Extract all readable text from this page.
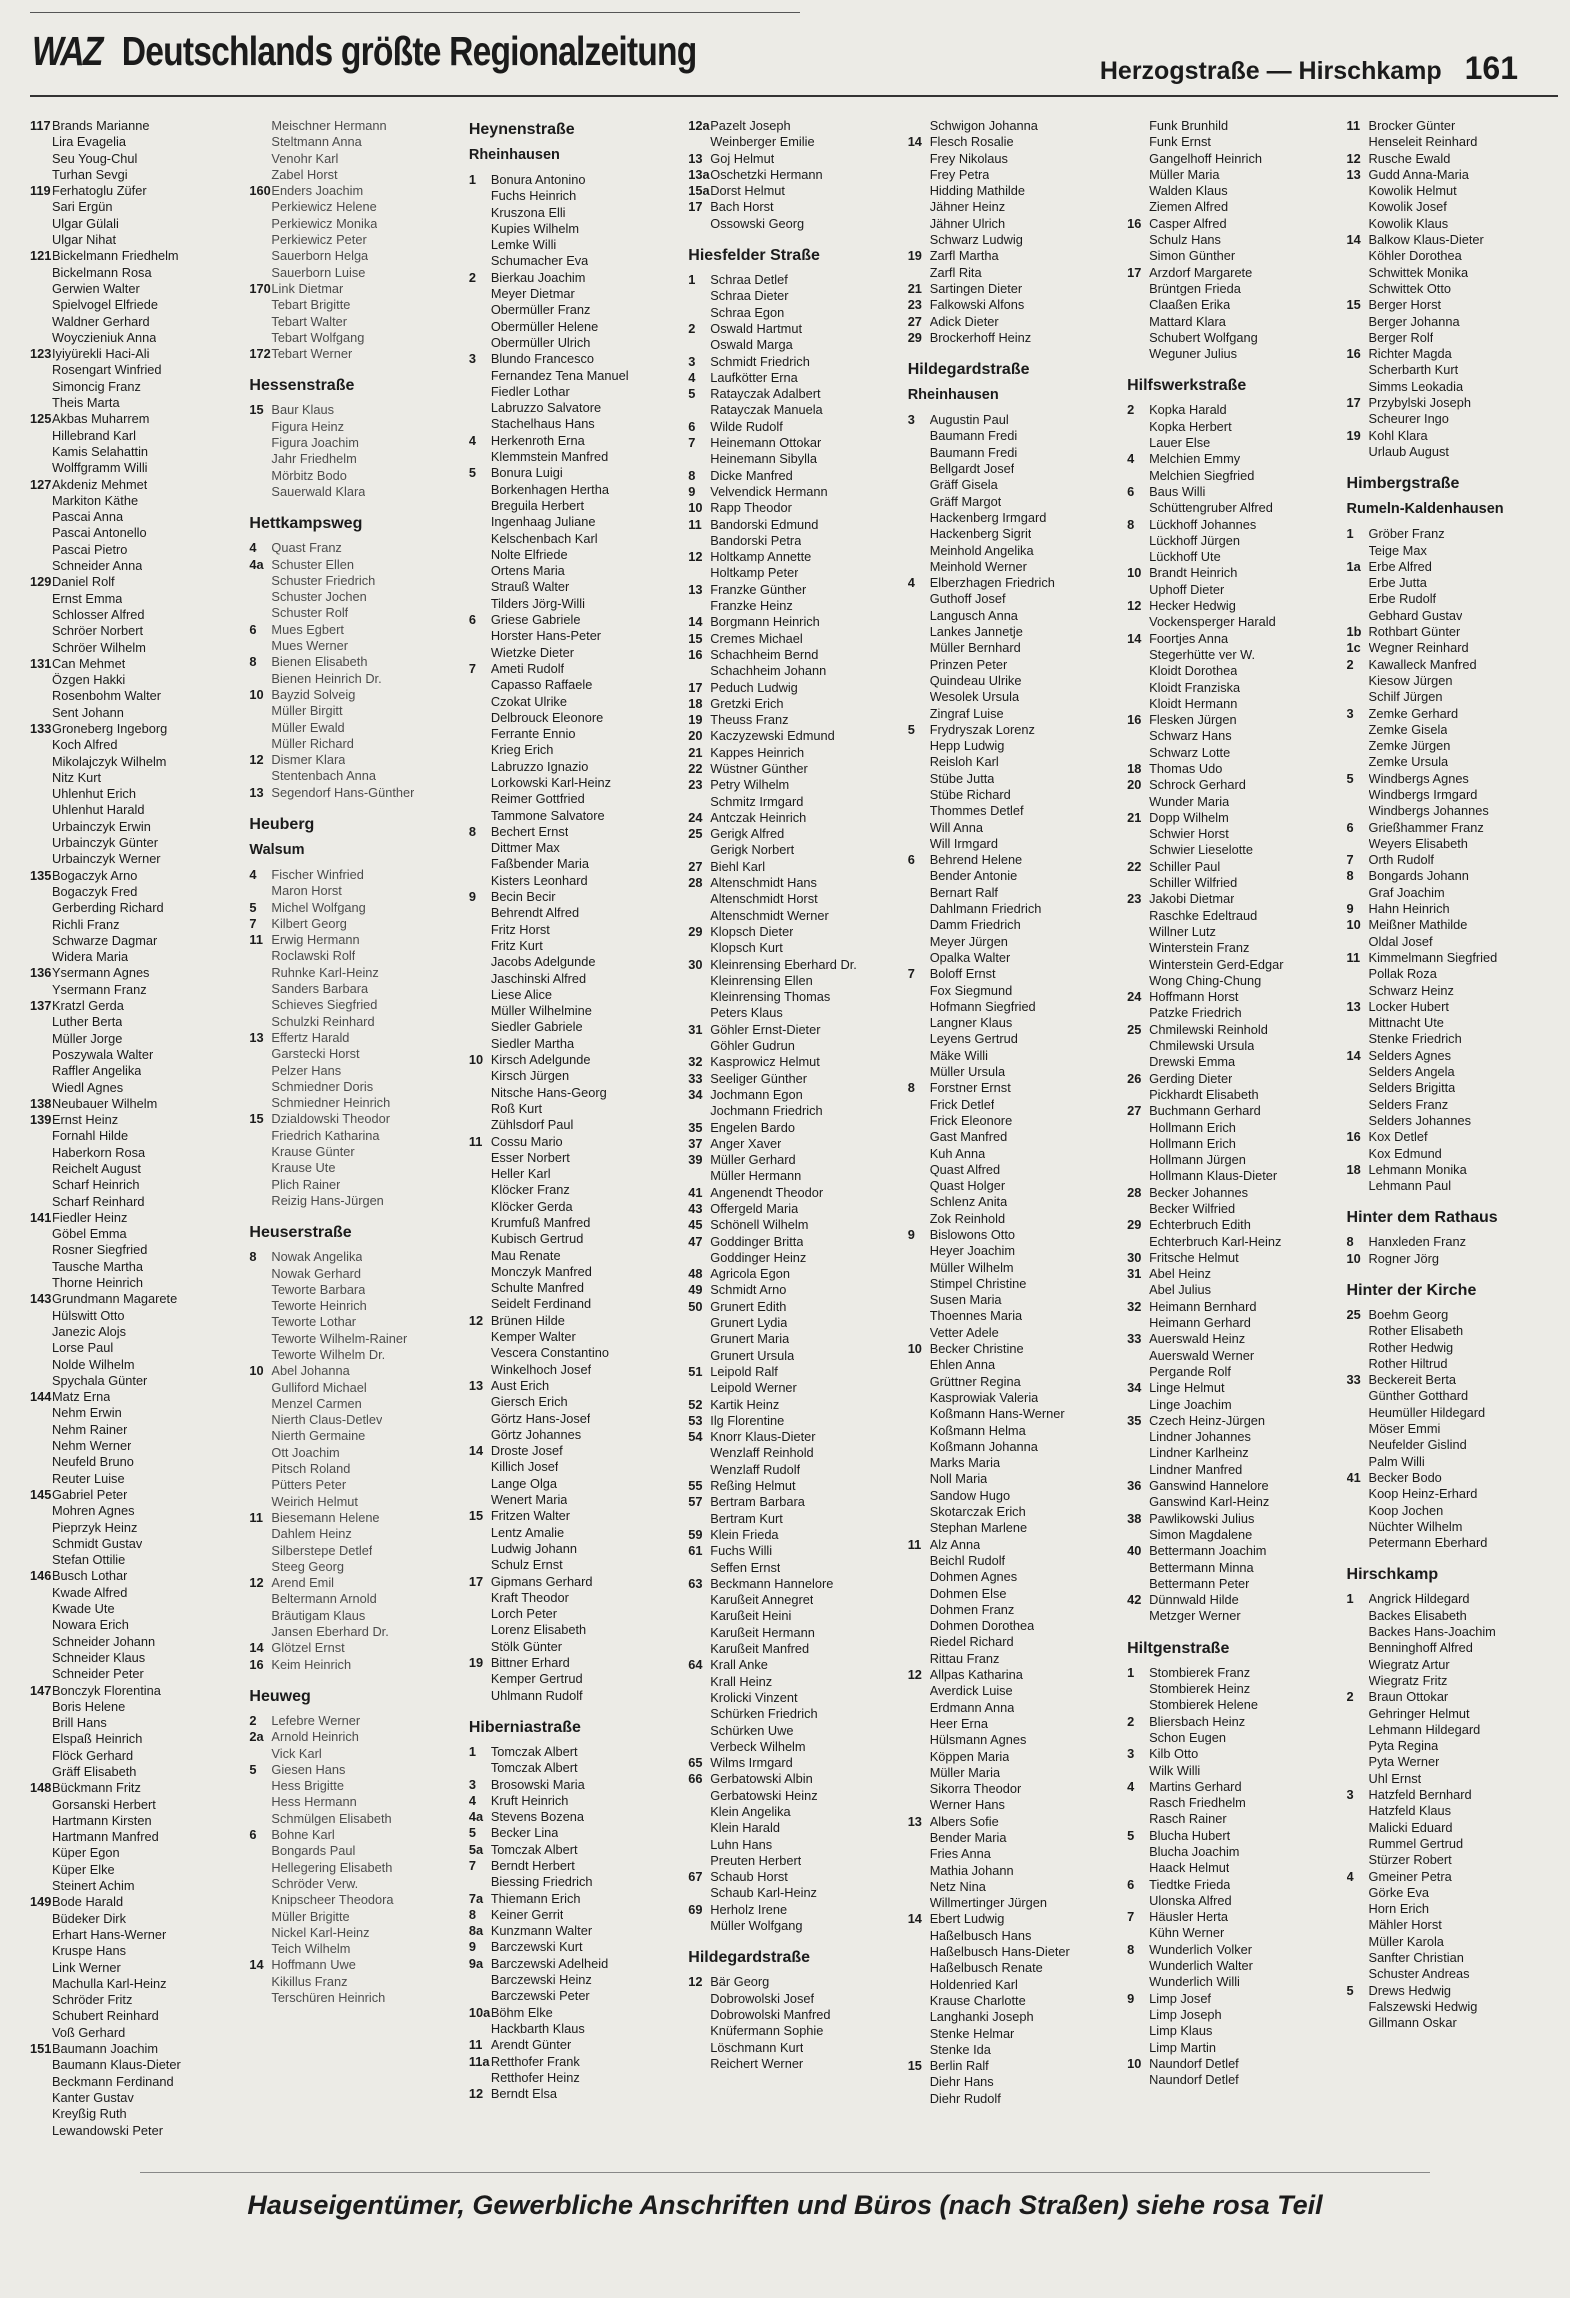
WAZ Deutschlands größte Regionalzeitung	Herzogstraße — Hirschkamp 161
117 Brands Marianne
Lira Evagelia
Seu Youg-Chul
Turhan Sevgi
119 Ferhatoglu Züfer
Sari Ergün
Ulgar Gülali
Ulgar Nihat
121 Bickelmann Friedhelm
Bickelmann Rosa
Gerwien Walter
Spielvogel Elfriede
Waldner Gerhard
Woyczieniuk Anna
123 Iyiyürekli Haci-Ali
Rosengart Winfried
Simoncig Franz
Theis Marta
125 Akbas Muharrem
Hillebrand Karl
Kamis Selahattin
Wolffgramm Willi
127 Akdeniz Mehmet
Markiton Käthe
Pascai Anna
Pascai Antonello
Pascai Pietro
Schneider Anna
129 Daniel Rolf
Ernst Emma
Schlosser Alfred
Schröer Norbert
Schröer Wilhelm
131 Can Mehmet
Özgen Hakki
Rosenbohm Walter
Sent Johann
133 Groneberg Ingeborg
Koch Alfred
Mikolajczyk Wilhelm
Nitz Kurt
Uhlenhut Erich
Uhlenhut Harald
Urbainczyk Erwin
Urbainczyk Günter
Urbainczyk Werner
135 Bogaczyk Arno
Bogaczyk Fred
Gerberding Richard
Richli Franz
Schwarze Dagmar
Widera Maria
136 Ysermann Agnes
Ysermann Franz
137 Kratzl Gerda
Luther Berta
Müller Jorge
Poszywala Walter
Raffler Angelika
Wiedl Agnes
138 Neubauer Wilhelm
139 Ernst Heinz
Fornahl Hilde
Haberkorn Rosa
Reichelt August
Scharf Heinrich
Scharf Reinhard
141 Fiedler Heinz
Göbel Emma
Rosner Siegfried
Tausche Martha
Thorne Heinrich
143 Grundmann Magarete
Hülswitt Otto
Janezic Alojs
Lorse Paul
Nolde Wilhelm
Spychala Günter
144 Matz Erna
Nehm Erwin
Nehm Rainer
Nehm Werner
Neufeld Bruno
Reuter Luise
145 Gabriel Peter
Mohren Agnes
Pieprzyk Heinz
Schmidt Gustav
Stefan Ottilie
146 Busch Lothar
Kwade Alfred
Kwade Ute
Nowara Erich
Schneider Johann
Schneider Klaus
Schneider Peter
147 Bonczyk Florentina
Boris Helene
Brill Hans
Elspaß Heinrich
Flöck Gerhard
Gräff Elisabeth
148 Bückmann Fritz
Gorsanski Herbert
Hartmann Kirsten
Hartmann Manfred
Küper Egon
Küper Elke
Steinert Achim
149 Bode Harald
Büdeker Dirk
Erhart Hans-Werner
Kruspe Hans
Link Werner
Machulla Karl-Heinz
Schröder Fritz
Schubert Reinhard
Voß Gerhard
151 Baumann Joachim
Baumann Klaus-Dieter
Beckmann Ferdinand
Kanter Gustav
Kreyßig Ruth
Lewandowski Peter
Meischner Hermann
Steltmann Anna
Venohr Karl
Zabel Horst
160 Enders Joachim
Perkiewicz Helene
Perkiewicz Monika
Perkiewicz Peter
Sauerborn Helga
Sauerborn Luise
170 Link Dietmar
Tebart Brigitte
Tebart Walter
Tebart Wolfgang
172 Tebart Werner
Hessenstraße
15 Baur Klaus
Figura Heinz
Figura Joachim
Jahr Friedhelm
Mörbitz Bodo
Sauerwald Klara
Hettkampsweg
4	Quast Franz
4a Schuster Ellen
Schuster Friedrich
Schuster Jochen
Schuster Rolf
6	Mues Egbert
Mues Werner
8	Bienen Elisabeth
Bienen Heinrich Dr.
10 Bayzid Solveig
Müller Birgitt
Müller Ewald
Müller Richard
12 Dismer Klara
Stentenbach Anna
13 Segendorf Hans-Günther
Heuberg
Walsum
4	Fischer Winfried
Maron Horst
5	Michel Wolfgang
7	Kilbert Georg
11 Erwig Hermann
Roclawski Rolf
Ruhnke Karl-Heinz
Sanders Barbara
Schieves Siegfried
Schulzki Reinhard
13 Effertz Harald
Garstecki Horst
Pelzer Hans
Schmiedner Doris
Schmiedner Heinrich
15 Dzialdowski Theodor
Friedrich Katharina
Krause Günter
Krause Ute
Plich Rainer
Reizig Hans-Jürgen
Heuserstraße
8	Nowak Angelika
Nowak Gerhard
Teworte Barbara
Teworte Heinrich
Teworte Lothar
Teworte Wilhelm-Rainer
Teworte Wilhelm Dr.
10 Abel Johanna
Gulliford Michael
Menzel Carmen
Nierth Claus-Detlev
Nierth Germaine
Ott Joachim
Pitsch Roland
Pütters Peter
Weirich Helmut
11 Biesemann Helene
Dahlem Heinz
Silberstepe Detlef
Steeg Georg
12 Arend Emil
Beltermann Arnold
Bräutigam Klaus
Jansen Eberhard Dr.
14 Glötzel Ernst
16 Keim Heinrich
Heuweg
2	Lefebre Werner
2a Arnold Heinrich
Vick Karl
5	Giesen Hans
Hess Brigitte
Hess Hermann
Schmülgen Elisabeth
6	Bohne Karl
Bongards Paul
Hellegering Elisabeth
Schröder Verw.
Knipscheer Theodora
Müller Brigitte
Nickel Karl-Heinz
Teich Wilhelm
14 Hoffmann Uwe
Kikillus Franz
Terschüren Heinrich
Heynenstraße
Rheinhausen
1	Bonura Antonino
Fuchs Heinrich
Kruszona Elli
Kupies Wilhelm
Lemke Willi
Schumacher Eva
2	Bierkau Joachim
Meyer Dietmar
Obermüller Franz
Obermüller Helene
Obermüller Ulrich
3	Blundo Francesco
Fernandez Tena Manuel
Fiedler Lothar
Labruzzo Salvatore
Stachelhaus Hans
4	Herkenroth Erna
Klemmstein Manfred
5	Bonura Luigi
Borkenhagen Hertha
Breguila Herbert
Ingenhaag Juliane
Kelschenbach Karl
Nolte Elfriede
Ortens Maria
Strauß Walter
Tilders Jörg-Willi
6	Griese Gabriele
Horster Hans-Peter
Wietzke Dieter
7	Ameti Rudolf
Capasso Raffaele
Czokat Ulrike
Delbrouck Eleonore
Ferrante Ennio
Krieg Erich
Labruzzo Ignazio
Lorkowski Karl-Heinz
Reimer Gottfried
Tammone Salvatore
8	Bechert Ernst
Dittmer Max
Faßbender Maria
Kisters Leonhard
9	Becin Becir
Behrendt Alfred
Fritz Horst
Fritz Kurt
Jacobs Adelgunde
Jaschinski Alfred
Liese Alice
Müller Wilhelmine
Siedler Gabriele
Siedler Martha
10 Kirsch Adelgunde
Kirsch Jürgen
Nitsche Hans-Georg
Roß Kurt
Zühlsdorf Paul
11 Cossu Mario
Esser Norbert
Heller Karl
Klöcker Franz
Klöcker Gerda
Krumfuß Manfred
Kubisch Gertrud
Mau Renate
Monczyk Manfred
Schulte Manfred
Seidelt Ferdinand
12 Brünen Hilde
Kemper Walter
Vescera Constantino
Winkelhoch Josef
13 Aust Erich
Giersch Erich
Görtz Hans-Josef
Görtz Johannes
14 Droste Josef
Killich Josef
Lange Olga
Wenert Maria
15 Fritzen Walter
Lentz Amalie
Ludwig Johann
Schulz Ernst
17 Gipmans Gerhard
Kraft Theodor
Lorch Peter
Lorenz Elisabeth
Stölk Günter
19 Bittner Erhard
Kemper Gertrud
Uhlmann Rudolf
Hiberniastraße
1	Tomczak Albert
Tomczak Albert
3	Brosowski Maria
4	Kruft Heinrich
4a Stevens Bozena
5	Becker Lina
5a Tomczak Albert
7	Berndt Herbert
Biessing Friedrich
7a Thiemann Erich
8	Keiner Gerrit
8a Kunzmann Walter
9	Barczewski Kurt
9a Barczewski Adelheid
Barczewski Heinz
Barczewski Peter
10a Böhm Elke
Hackbarth Klaus
11 Arendt Günter
11a Retthofer Frank
Retthofer Heinz
12 Berndt Elsa
12a Pazelt Joseph
Weinberger Emilie
13 Goj Helmut
13a Oschetzki Hermann
15a Dorst Helmut
17 Bach Horst
Ossowski Georg
Hiesfelder Straße
1	Schraa Detlef
Schraa Dieter
Schraa Egon
2	Oswald Hartmut
Oswald Marga
3	Schmidt Friedrich
4	Laufkötter Erna
5	Ratayczak Adalbert
Ratayczak Manuela
6	Wilde Rudolf
7	Heinemann Ottokar
Heinemann Sibylla
8	Dicke Manfred
9	Velvendick Hermann
10 Rapp Theodor
11 Bandorski Edmund
Bandorski Petra
12 Holtkamp Annette
Holtkamp Peter
13 Franzke Günther
Franzke Heinz
14 Borgmann Heinrich
15 Cremes Michael
16 Schachheim Bernd
Schachheim Johann
17 Peduch Ludwig
18 Gretzki Erich
19 Theuss Franz
20 Kaczyzewski Edmund
21 Kappes Heinrich
22 Wüstner Günther
23 Petry Wilhelm
Schmitz Irmgard
24 Antczak Heinrich
25 Gerigk Alfred
Gerigk Norbert
27 Biehl Karl
28 Altenschmidt Hans
Altenschmidt Horst
Altenschmidt Werner
29 Klopsch Dieter
Klopsch Kurt
30 Kleinrensing Eberhard Dr.
Kleinrensing Ellen
Kleinrensing Thomas
Peters Klaus
31 Göhler Ernst-Dieter
Göhler Gudrun
32 Kasprowicz Helmut
33 Seeliger Günther
34 Jochmann Egon
Jochmann Friedrich
35 Engelen Bardo
37 Anger Xaver
39 Müller Gerhard
Müller Hermann
41 Angenendt Theodor
43 Offergeld Maria
45 Schönell Wilhelm
47 Goddinger Britta
Goddinger Heinz
48 Agricola Egon
49 Schmidt Arno
50 Grunert Edith
Grunert Lydia
Grunert Maria
Grunert Ursula
51 Leipold Ralf
Leipold Werner
52 Kartik Heinz
53 Ilg Florentine
54 Knorr Klaus-Dieter
Wenzlaff Reinhold
Wenzlaff Rudolf
55 Reßing Helmut
57 Bertram Barbara
Bertram Kurt
59 Klein Frieda
61 Fuchs Willi
Seffen Ernst
63 Beckmann Hannelore
Karußeit Annegret
Karußeit Heini
Karußeit Hermann
Karußeit Manfred
64 Krall Anke
Krall Heinz
Krolicki Vinzent
Schürken Friedrich
Schürken Uwe
Verbeck Wilhelm
65 Wilms Irmgard
66 Gerbatowski Albin
Gerbatowski Heinz
Klein Angelika
Klein Harald
Luhn Hans
Preuten Herbert
67 Schaub Horst
Schaub Karl-Heinz
69 Herholz Irene
Müller Wolfgang
Hildegardstraße
12 Bär Georg
Dobrowolski Josef
Dobrowolski Manfred
Knüfermann Sophie
Löschmann Kurt
Reichert Werner
Schwigon Johanna
14 Flesch Rosalie
Frey Nikolaus
Frey Petra
Hidding Mathilde
Jähner Heinz
Jähner Ulrich
Schwarz Ludwig
19 Zarfl Martha
Zarfl Rita
21 Sartingen Dieter
23 Falkowski Alfons
27 Adick Dieter
29 Brockerhoff Heinz
Hildegardstraße
Rheinhausen
3	Augustin Paul
Baumann Fredi
Baumann Fredi
Bellgardt Josef
Gräff Gisela
Gräff Margot
Hackenberg Irmgard
Hackenberg Sigrit
Meinhold Angelika
Meinhold Werner
4	Elberzhagen Friedrich
Guthoff Josef
Langusch Anna
Lankes Jannetje
Müller Bernhard
Prinzen Peter
Quindeau Ulrike
Wesolek Ursula
Zingraf Luise
5	Frydryszak Lorenz
Hepp Ludwig
Reisloh Karl
Stübe Jutta
Stübe Richard
Thommes Detlef
Will Anna
Will Irmgard
6	Behrend Helene
Bender Antonie
Bernart Ralf
Dahlmann Friedrich
Damm Friedrich
Meyer Jürgen
Opalka Walter
7	Boloff Ernst
Fox Siegmund
Hofmann Siegfried
Langner Klaus
Leyens Gertrud
Mäke Willi
Müller Ursula
8	Forstner Ernst
Frick Detlef
Frick Eleonore
Gast Manfred
Kuh Anna
Quast Alfred
Quast Holger
Schlenz Anita
Zok Reinhold
9	Bislowons Otto
Heyer Joachim
Müller Wilhelm
Stimpel Christine
Susen Maria
Thoennes Maria
Vetter Adele
10 Becker Christine
Ehlen Anna
Grüttner Regina
Kasprowiak Valeria
Koßmann Hans-Werner
Koßmann Helma
Koßmann Johanna
Marks Maria
Noll Maria
Sandow Hugo
Skotarczak Erich
Stephan Marlene
11 Alz Anna
Beichl Rudolf
Dohmen Agnes
Dohmen Else
Dohmen Franz
Dohmen Dorothea
Riedel Richard
Rittau Franz
12 Allpas Katharina
Averdick Luise
Erdmann Anna
Heer Erna
Hülsmann Agnes
Köppen Maria
Müller Maria
Sikorra Theodor
Werner Hans
13 Albers Sofie
Bender Maria
Fries Anna
Mathia Johann
Netz Nina
Willmertinger Jürgen
14 Ebert Ludwig
Haßelbusch Hans
Haßelbusch Hans-Dieter
Haßelbusch Renate
Holdenried Karl
Krause Charlotte
Langhanki Joseph
Stenke Helmar
Stenke Ida
15 Berlin Ralf
Diehr Hans
Diehr Rudolf
Funk Brunhild
Funk Ernst
Gangelhoff Heinrich
Müller Maria
Walden Klaus
Ziemen Alfred
16 Casper Alfred
Schulz Hans
Simon Günther
17 Arzdorf Margarete
Brüntgen Frieda
Claaßen Erika
Mattard Klara
Schubert Wolfgang
Weguner Julius
Hilfswerkstraße
2	Kopka Harald
Kopka Herbert
Lauer Else
4	Melchien Emmy
Melchien Siegfried
6	Baus Willi
Schüttengruber Alfred
8	Lückhoff Johannes
Lückhoff Jürgen
Lückhoff Ute
10 Brandt Heinrich
Uphoff Dieter
12 Hecker Hedwig
Vockensperger Harald
14 Foortjes Anna
Stegerhütte ver W.
Kloidt Dorothea
Kloidt Franziska
Kloidt Hermann
16 Flesken Jürgen
Schwarz Hans
Schwarz Lotte
18 Thomas Udo
20 Schrock Gerhard
Wunder Maria
21 Dopp Wilhelm
Schwier Horst
Schwier Lieselotte
22 Schiller Paul
Schiller Wilfried
23 Jakobi Dietmar
Raschke Edeltraud
Willner Lutz
Winterstein Franz
Winterstein Gerd-Edgar
Wong Ching-Chung
24 Hoffmann Horst
Patzke Friedrich
25 Chmilewski Reinhold
Chmilewski Ursula
Drewski Emma
26 Gerding Dieter
Pickhardt Elisabeth
27 Buchmann Gerhard
Hollmann Erich
Hollmann Erich
Hollmann Jürgen
Hollmann Klaus-Dieter
28 Becker Johannes
Becker Wilfried
29 Echterbruch Edith
Echterbruch Karl-Heinz
30 Fritsche Helmut
31 Abel Heinz
Abel Julius
32 Heimann Bernhard
Heimann Gerhard
33 Auerswald Heinz
Auerswald Werner
Pergande Rolf
34 Linge Helmut
Linge Joachim
35 Czech Heinz-Jürgen
Lindner Johannes
Lindner Karlheinz
Lindner Manfred
36 Ganswind Hannelore
Ganswind Karl-Heinz
38 Pawlikowski Julius
Simon Magdalene
40 Bettermann Joachim
Bettermann Minna
Bettermann Peter
42 Dünnwald Hilde
Metzger Werner
Hiltgenstraße
1	Stombierek Franz
Stombierek Heinz
Stombierek Helene
2	Bliersbach Heinz
Schon Eugen
3	Kilb Otto
Wilk Willi
4	Martins Gerhard
Rasch Friedhelm
Rasch Rainer
5	Blucha Hubert
Blucha Joachim
Haack Helmut
6	Tiedtke Frieda
Ulonska Alfred
7	Häusler Herta
Kühn Werner
8	Wunderlich Volker
Wunderlich Walter
Wunderlich Willi
9	Limp Josef
Limp Joseph
Limp Klaus
Limp Martin
10 Naundorf Detlef
Naundorf Detlef
11 Brocker Günter
Henseleit Reinhard
12 Rusche Ewald
13 Gudd Anna-Maria
Kowolik Helmut
Kowolik Josef
Kowolik Klaus
14 Balkow Klaus-Dieter
Köhler Dorothea
Schwittek Monika
Schwittek Otto
15 Berger Horst
Berger Johanna
Berger Rolf
16 Richter Magda
Scherbarth Kurt
Simms Leokadia
17 Przybylski Joseph
Scheurer Ingo
19 Kohl Klara
Urlaub August
Himbergstraße
Rumeln-Kaldenhausen
1	Gröber Franz
Teige Max
1a Erbe Alfred
Erbe Jutta
Erbe Rudolf
Gebhard Gustav
1b Rothbart Günter
1c Wegner Reinhard
2	Kawalleck Manfred
Kiesow Jürgen
Schilf Jürgen
3	Zemke Gerhard
Zemke Gisela
Zemke Jürgen
Zemke Ursula
5	Windbergs Agnes
Windbergs Irmgard
Windbergs Johannes
6	Grießhammer Franz
Weyers Elisabeth
7	Orth Rudolf
8	Bongards Johann
Graf Joachim
9	Hahn Heinrich
10 Meißner Mathilde
Oldal Josef
11 Kimmelmann Siegfried
Pollak Roza
Schwarz Heinz
13 Locker Hubert
Mittnacht Ute
Stenke Friedrich
14 Selders Agnes
Selders Angela
Selders Brigitta
Selders Franz
Selders Johannes
16 Kox Detlef
Kox Edmund
18 Lehmann Monika
Lehmann Paul
Hinter dem Rathaus
8	Hanxleden Franz
10 Rogner Jörg
Hinter der Kirche
25 Boehm Georg
Rother Elisabeth
Rother Hedwig
Rother Hiltrud
33 Beckereit Berta
Günther Gotthard
Heumüller Hildegard
Möser Emmi
Neufelder Gislind
Palm Willi
41 Becker Bodo
Koop Heinz-Erhard
Koop Jochen
Nüchter Wilhelm
Petermann Eberhard
Hirschkamp
1	Angrick Hildegard
Backes Elisabeth
Backes Hans-Joachim
Benninghoff Alfred
Wiegratz Artur
Wiegratz Fritz
2	Braun Ottokar
Gehringer Helmut
Lehmann Hildegard
Pyta Regina
Pyta Werner
Uhl Ernst
3	Hatzfeld Bernhard
Hatzfeld Klaus
Malicki Eduard
Rummel Gertrud
Stürzer Robert
4	Gmeiner Petra
Görke Eva
Horn Erich
Mähler Horst
Müller Karola
Sanfter Christian
Schuster Andreas
5	Drews Hedwig
Falszewski Hedwig
Gillmann Oskar
Hauseigentümer, Gewerbliche Anschriften und Büros (nach Straßen) siehe rosa Teil
